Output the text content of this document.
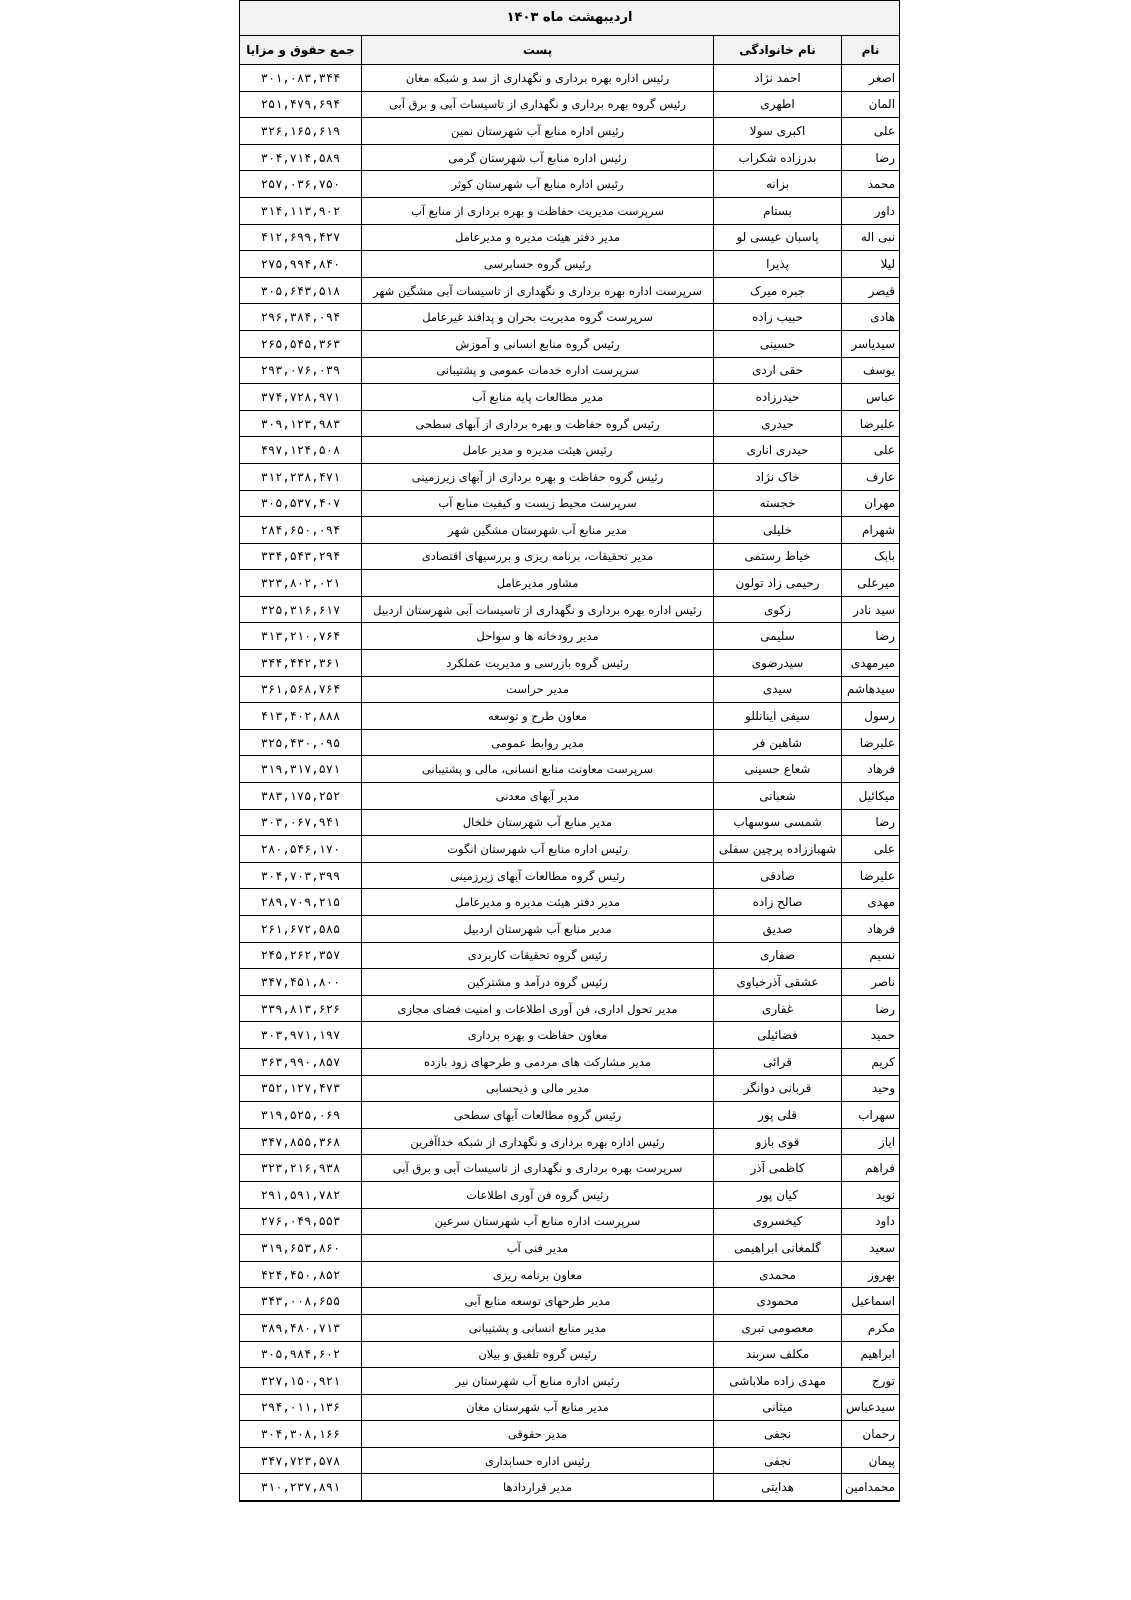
اردیبهشت ماه ۱۴۰۳			
نام	نام خانوادگی	پست	جمع حقوق و مزایا
اصغر	احمد نژاد	رئیس اداره بهره برداری و نگهداری از سد و شبکه مغان	۳۰۱,۰۸۳,۳۴۴
المان	اطهری	رئیس گروه بهره برداری و نگهداری از تاسیسات آبی و برق آبی	۲۵۱,۴۷۹,۶۹۴
علی	اکبری سولا	رئیس اداره منابع آب شهرستان نمین	۳۲۶,۱۶۵,۶۱۹
رضا	بدرزاده شکراب	رئیس اداره منابع آب شهرستان گرمی	۳۰۴,۷۱۴,۵۸۹
محمد	بزانه	رئیس اداره منابع آب شهرستان کوثر	۲۵۷,۰۳۶,۷۵۰
داور	بستام	سرپرست مدیریت حفاظت و بهره برداری از منابع آب	۳۱۴,۱۱۳,۹۰۲
نبی اله	پاسبان عیسی لو	مدیر دفتر هیئت مدیره و مدیرعامل	۴۱۲,۶۹۹,۴۲۷
لیلا	پذیرا	رئیس گروه حسابرسی	۲۷۵,۹۹۴,۸۴۰
قیصر	جبره میرک	سرپرست اداره بهره برداری و نگهداری از تاسیسات آبی مشگین شهر	۳۰۵,۶۴۳,۵۱۸
هادی	حبیب زاده	سرپرست گروه مدیریت بحران و پدافند غیرعامل	۲۹۶,۳۸۴,۰۹۴
سیدیاسر	حسینی	رئیس گروه منابع انسانی و آموزش	۲۶۵,۵۴۵,۳۶۳
یوسف	حقی اردی	سرپرست اداره خدمات عمومی و پشتیبانی	۲۹۳,۰۷۶,۰۳۹
عباس	حیدرزاده	مدیر مطالعات پایه منابع آب	۳۷۴,۷۲۸,۹۷۱
علیرضا	حیدری	رئیس گروه حفاظت و بهره برداری از آبهای سطحی	۳۰۹,۱۲۳,۹۸۳
علی	حیدری اناری	رئیس هیئت مدیره و مدیر عامل	۴۹۷,۱۲۴,۵۰۸
عارف	خاک نژاد	رئیس گروه حفاظت و بهره برداری از آبهای زیرزمینی	۳۱۲,۲۳۸,۴۷۱
مهران	خجسته	سرپرست محیط زیست و کیفیت منابع آب	۳۰۵,۵۳۷,۴۰۷
شهرام	خلیلی	مدیر منابع آب شهرستان مشگین شهر	۲۸۴,۶۵۰,۰۹۴
بابک	خیاط رستمی	مدیر تحقیقات، برنامه ریزی و بررسیهای اقتصادی	۳۳۴,۵۴۳,۲۹۴
میرعلی	رحیمی زاد تولون	مشاور مدیرعامل	۳۲۳,۸۰۲,۰۲۱
سید نادر	زکوی	رئیس اداره بهره برداری و نگهداری از تاسیسات آبی شهرستان اردبیل	۳۲۵,۳۱۶,۶۱۷
رضا	سلیمی	مدیر رودخانه ها و سواحل	۳۱۳,۲۱۰,۷۶۴
میرمهدی	سیدرضوی	رئیس گروه بازرسی و مدیریت عملکرد	۳۴۴,۴۴۲,۳۶۱
سیدهاشم	سیدی	مدیر حراست	۳۶۱,۵۶۸,۷۶۴
رسول	سیفی اینانللو	معاون طرح و توسعه	۴۱۳,۴۰۲,۸۸۸
علیرضا	شاهین فر	مدیر روابط عمومی	۳۲۵,۴۳۰,۰۹۵
فرهاد	شعاع حسینی	سرپرست معاونت منابع انسانی، مالی و پشتیبانی	۳۱۹,۳۱۷,۵۷۱
میکائیل	شعبانی	مدیر آبهای معدنی	۳۸۳,۱۷۵,۲۵۲
رضا	شمسی سوسهاب	مدیر منابع آب شهرستان خلخال	۳۰۳,۰۶۷,۹۴۱
علی	شهباززاده پرچین سفلی	رئیس اداره منابع آب شهرستان انگوت	۲۸۰,۵۴۶,۱۷۰
علیرضا	صادقی	رئیس گروه مطالعات آبهای زیرزمینی	۳۰۴,۷۰۳,۳۹۹
مهدی	صالح زاده	مدیر دفتر هیئت مدیره و مدیرعامل	۲۸۹,۷۰۹,۲۱۵
فرهاد	صدیق	مدیر منابع آب شهرستان اردبیل	۲۶۱,۶۷۲,۵۸۵
نسیم	صفاری	رئیس گروه تحقیقات کاربردی	۲۴۵,۲۶۲,۳۵۷
ناصر	عشقی آذرخیاوی	رئیس گروه درآمد و مشترکین	۳۴۷,۴۵۱,۸۰۰
رضا	غفاری	مدیر تحول اداری، فن آوری اطلاعات و امنیت فضای مجازی	۳۳۹,۸۱۳,۶۲۶
حمید	فضائیلی	معاون حفاظت و بهره برداری	۳۰۳,۹۷۱,۱۹۷
کریم	قرائی	مدیر مشارکت های مردمی و طرحهای زود بازده	۳۶۳,۹۹۰,۸۵۷
وحید	قربانی دوانگر	مدیر مالی و ذیحسابی	۳۵۲,۱۲۷,۴۷۳
سهراب	قلی پور	رئیس گروه مطالعات آبهای سطحی	۳۱۹,۵۲۵,۰۶۹
ایاز	قوی بازو	رئیس اداره بهره برداری و نگهداری از شبکه خداآفرین	۳۴۷,۸۵۵,۳۶۸
فراهم	کاظمی آذر	سرپرست بهره برداری و نگهداری از تاسیسات آبی و برق آبی	۳۲۳,۲۱۶,۹۳۸
نوید	کیان پور	رئیس گروه فن آوری اطلاعات	۲۹۱,۵۹۱,۷۸۲
داود	کیخسروی	سرپرست اداره منابع آب شهرستان سرعین	۲۷۶,۰۴۹,۵۵۳
سعید	گلمغانی ابراهیمی	مدیر فنی آب	۳۱۹,۶۵۳,۸۶۰
بهروز	محمدی	معاون برنامه ریزی	۴۲۴,۴۵۰,۸۵۲
اسماعیل	محمودی	مدیر طرحهای توسعه منابع آبی	۳۴۳,۰۰۸,۶۵۵
مکرم	معصومی تبری	مدیر منابع انسانی و پشتیبانی	۳۸۹,۴۸۰,۷۱۳
ابراهیم	مکلف سربند	رئیس گروه تلفیق و بیلان	۳۰۵,۹۸۴,۶۰۲
تورج	مهدی زاده ملاباشی	رئیس اداره منابع آب شهرستان نیر	۳۲۷,۱۵۰,۹۲۱
سیدعباس	میثانی	مدیر منابع آب شهرستان مغان	۲۹۴,۰۱۱,۱۳۶
رحمان	نجفی	مدیر حقوقی	۳۰۴,۳۰۸,۱۶۶
پیمان	نجفی	رئیس اداره حسابداری	۳۴۷,۷۲۳,۵۷۸
محمدامین	هدایتی	مدیر قراردادها	۳۱۰,۲۳۷,۸۹۱
